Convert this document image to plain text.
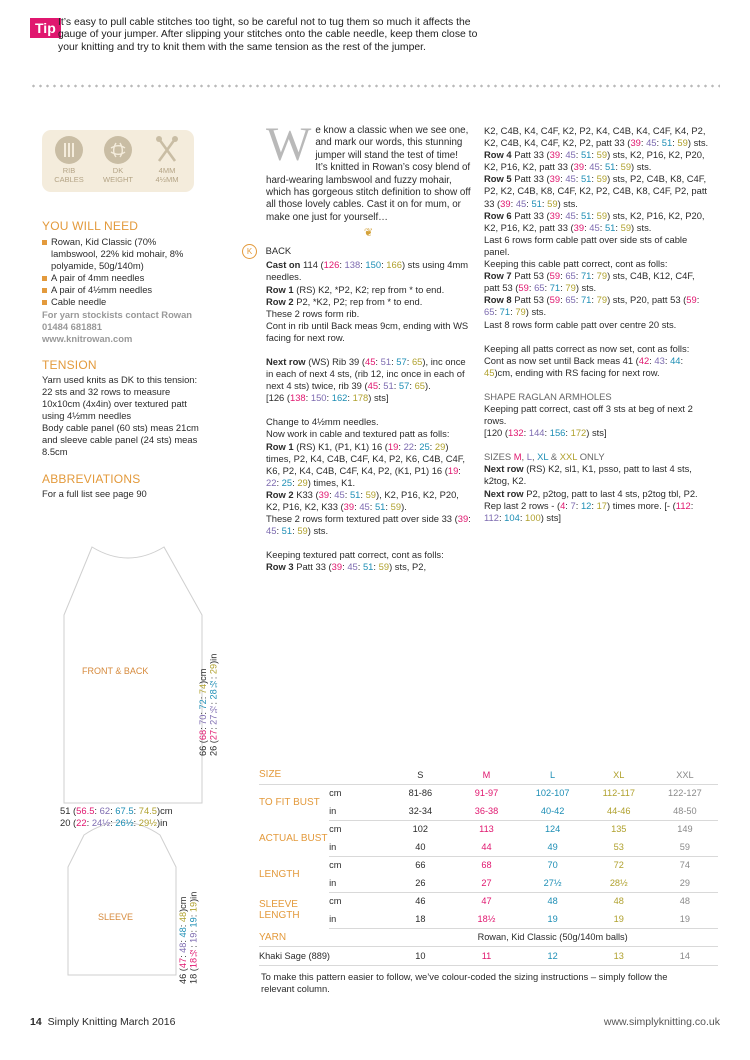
Tip It’s easy to pull cable stitches too tight, so be careful not to tug them so much it affects the gauge of your jumper. After slipping your stitches onto the cable needle, keep them close to your knitting and try to knit them with the same tension as the rest of the jumper.
RIB
CABLES
DK
WEIGHT
4MM
4½MM
YOU WILL NEED
Rowan, Kid Classic (70% lambswool, 22% kid mohair, 8% polyamide, 50g/140m)
A pair of 4mm needles
A pair of 4½mm needles
Cable needle
For yarn stockists contact Rowan 01484 681881
www.knitrowan.com
TENSION
Yarn used knits as DK to this tension: 22 sts and 32 rows to measure 10x10cm (4x4in) over textured patt using 4½mm needles
Body cable panel (60 sts) meas 21cm and sleeve cable panel (24 sts) meas 8.5cm
ABBREVIATIONS
For a full list see page 90
FRONT & BACK
SLEEVE
66 (68: 70: 72: 74)cm
26 (27: 27½: 28½: 29)in
51 (56.5: 62: 67.5: 74.5)cm
20 (22: 24½: 26½: 29½)in
46 (47: 48: 48: 48)cm
18 (18½: 19: 19: 19)in
We know a classic when we see one, and mark our words, this stunning jumper will stand the test of time! It’s knitted in Rowan’s cosy blend of hard-wearing lambswool and fuzzy mohair, which has gorgeous stitch definition to show off all those lovely cables. Cast it on for mum, or make one just for yourself…
❦
K BACK
Cast on 114 (126: 138: 150: 166) sts using 4mm needles.
Row 1 (RS) K2, *P2, K2; rep from * to end.
Row 2 P2, *K2, P2; rep from * to end.
These 2 rows form rib.
Cont in rib until Back meas 9cm, ending with WS facing for next row.
Next row (WS) Rib 39 (45: 51: 57: 65), inc once in each of next 4 sts, (rib 12, inc once in each of next 4 sts) twice, rib 39 (45: 51: 57: 65).
[126 (138: 150: 162: 178) sts]
Change to 4½mm needles.
Now work in cable and textured patt as folls:
Row 1 (RS) K1, (P1, K1) 16 (19: 22: 25: 29) times, P2, K4, C4B, C4F, K4, P2, K6, C4B, C4F, K6, P2, K4, C4B, C4F, K4, P2, (K1, P1) 16 (19: 22: 25: 29) times, K1.
Row 2 K33 (39: 45: 51: 59), K2, P16, K2, P20, K2, P16, K2, K33 (39: 45: 51: 59).
These 2 rows form textured patt over side 33 (39: 45: 51: 59) sts.
Keeping textured patt correct, cont as folls:
Row 3 Patt 33 (39: 45: 51: 59) sts, P2,
K2, C4B, K4, C4F, K2, P2, K4, C4B, K4, C4F, K4, P2, K2, C4B, K4, C4F, K2, P2, patt 33 (39: 45: 51: 59) sts.
Row 4 Patt 33 (39: 45: 51: 59) sts, K2, P16, K2, P20, K2, P16, K2, patt 33 (39: 45: 51: 59) sts.
Row 5 Patt 33 (39: 45: 51: 59) sts, P2, C4B, K8, C4F, P2, K2, C4B, K8, C4F, K2, P2, C4B, K8, C4F, P2, patt 33 (39: 45: 51: 59) sts.
Row 6 Patt 33 (39: 45: 51: 59) sts, K2, P16, K2, P20, K2, P16, K2, patt 33 (39: 45: 51: 59) sts.
Last 6 rows form cable patt over side sts of cable panel.
Keeping this cable patt correct, cont as folls:
Row 7 Patt 53 (59: 65: 71: 79) sts, C4B, K12, C4F, patt 53 (59: 65: 71: 79) sts.
Row 8 Patt 53 (59: 65: 71: 79) sts, P20, patt 53 (59: 65: 71: 79) sts.
Last 8 rows form cable patt over centre 20 sts.
Keeping all patts correct as now set, cont as folls:
Cont as now set until Back meas 41 (42: 43: 44: 45)cm, ending with RS facing for next row.
SHAPE RAGLAN ARMHOLES
Keeping patt correct, cast off 3 sts at beg of next 2 rows.
[120 (132: 144: 156: 172) sts]
SIZES M, L, XL & XXL ONLY
Next row (RS) K2, sl1, K1, psso, patt to last 4 sts, k2tog, K2.
Next row P2, p2tog, patt to last 4 sts, p2tog tbl, P2.
Rep last 2 rows - (4: 7: 12: 17) times more. [- (112: 112: 104: 100) sts]
SIZE		S	M	L	XL	XXL
TO FIT BUST	cm	81-86	91-97	102-107	112-117	122-127
	in	32-34	36-38	40-42	44-46	48-50
ACTUAL BUST	cm	102	113	124	135	149
	in	40	44	49	53	59
LENGTH	cm	66	68	70	72	74
	in	26	27	27½	28½	29
SLEEVE LENGTH	cm	46	47	48	48	48
	in	18	18½	19	19	19
YARN		Rowan, Kid Classic (50g/140m balls)				
Khaki Sage (889)		10	11	12	13	14
To make this pattern easier to follow, we’ve colour-coded the sizing instructions – simply follow the relevant column.
14 Simply Knitting March 2016	www.simplyknitting.co.uk
